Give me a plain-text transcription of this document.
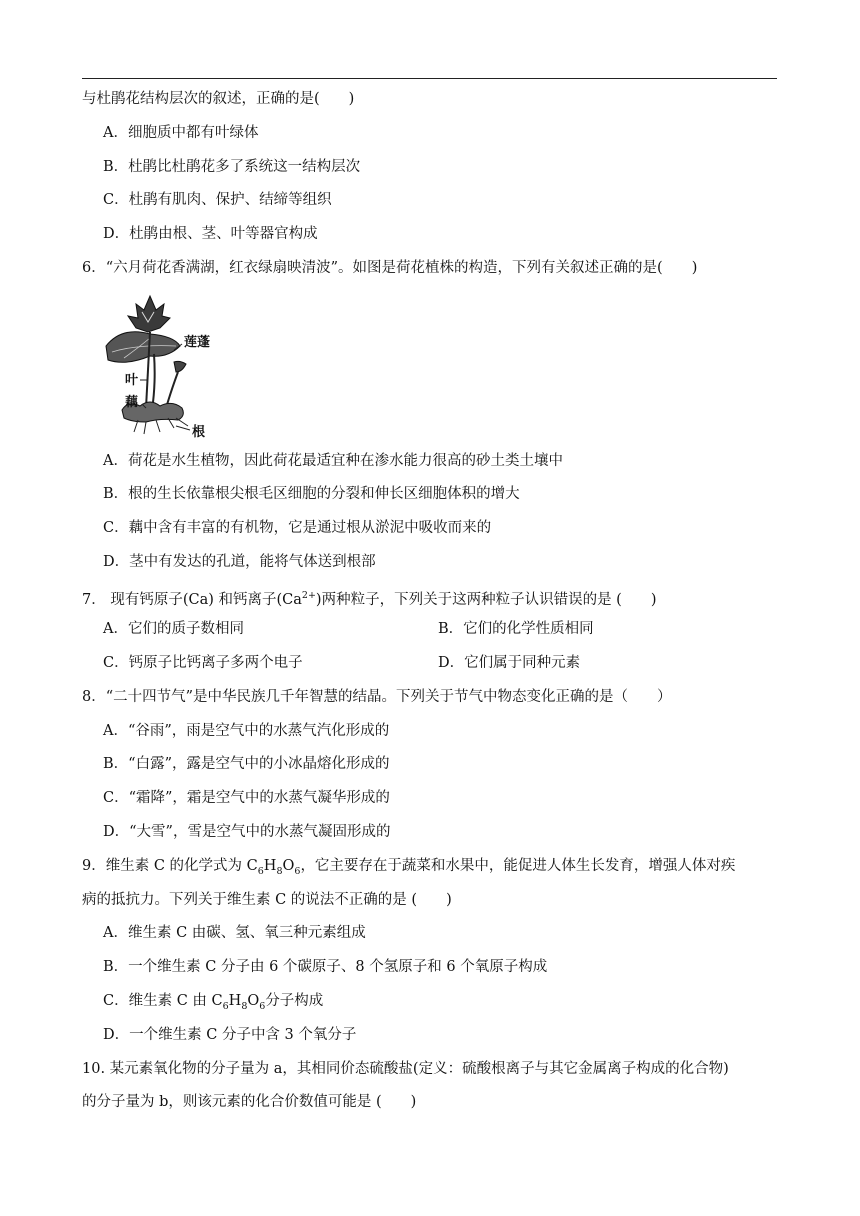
与杜鹃花结构层次的叙述，正确的是(　　)
A．细胞质中都有叶绿体
B．杜鹃比杜鹃花多了系统这一结构层次
C．杜鹃有肌肉、保护、结缔等组织
D．杜鹃由根、茎、叶等器官构成
6．“六月荷花香满湖，红衣绿扇映清波”。如图是荷花植株的构造，下列有关叙述正确的是(　　)
莲蓬
叶
藕
根
A．荷花是水生植物，因此荷花最适宜种在渗水能力很高的砂土类土壤中
B．根的生长依靠根尖根毛区细胞的分裂和伸长区细胞体积的增大
C．藕中含有丰富的有机物，它是通过根从淤泥中吸收而来的
D．茎中有发达的孔道，能将气体送到根部
7． 现有钙原子(Ca) 和钙离子$(Ca^{2+})$两种粒子，下列关于这两种粒子认识错误的是 (　　)
A．它们的质子数相同	B．它们的化学性质相同
C．钙原子比钙离子多两个电子	D．它们属于同种元素
8．“二十四节气”是中华民族几千年智慧的结晶。下列关于节气中物态变化正确的是（　　）
A．“谷雨”，雨是空气中的水蒸气汽化形成的
B．“白露”，露是空气中的小冰晶熔化形成的
C．“霜降”，霜是空气中的水蒸气凝华形成的
D．“大雪”，雪是空气中的水蒸气凝固形成的
9．维生素 C 的化学式为 $C_6H_8O_6$，它主要存在于蔬菜和水果中，能促进人体生长发育，增强人体对疾
病的抵抗力。下列关于维生素 C 的说法不正确的是 (　　)
A．维生素 C 由碳、氢、氧三种元素组成
B．一个维生素 C 分子由 6 个碳原子、8 个氢原子和 6 个氧原子构成
C．维生素 C 由 $C_6H_8O_6$分子构成
D．一个维生素 C 分子中含 3 个氧分子
10. 某元素氧化物的分子量为 a，其相同价态硫酸盐(定义：硫酸根离子与其它金属离子构成的化合物)
的分子量为 b，则该元素的化合价数值可能是 (　　)
